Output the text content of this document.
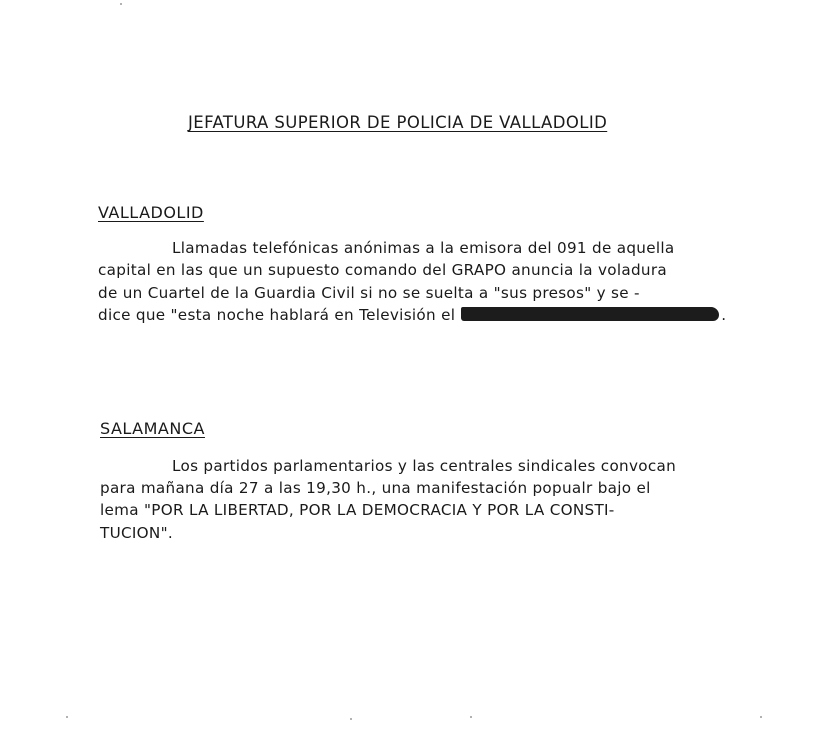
JEFATURA SUPERIOR DE POLICIA DE VALLADOLID
VALLADOLID
Llamadas telefónicas anónimas a la emisora del 091 de aquella
capital en las que un supuesto comando del GRAPO anuncia la voladura
de un Cuartel de la Guardia Civil si no se suelta a "sus presos" y se -
dice que "esta noche hablará en Televisión el	.
SALAMANCA
Los partidos parlamentarios y las centrales sindicales convocan
para mañana día 27 a las 19,30 h., una manifestación popualr bajo el
lema "POR LA LIBERTAD, POR LA DEMOCRACIA Y POR LA CONSTI-
TUCION".
